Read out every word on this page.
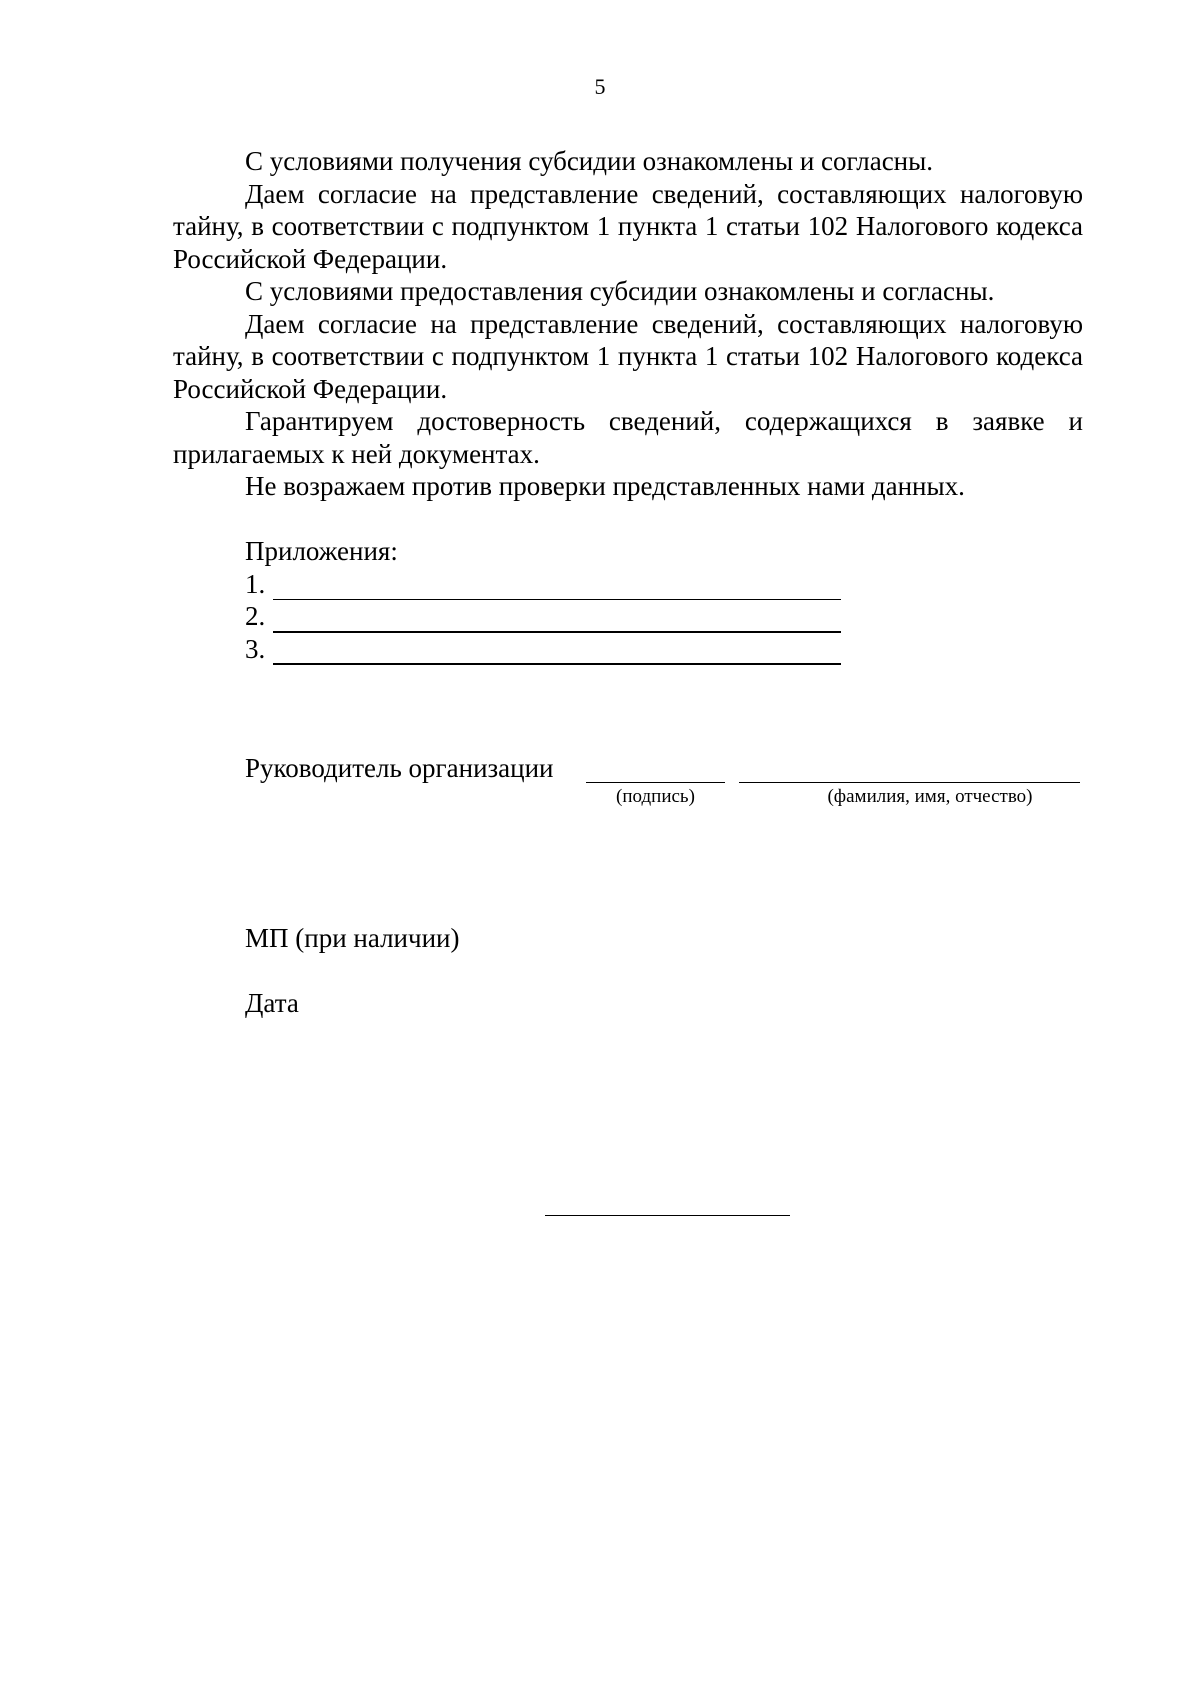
5

С условиями получения субсидии ознакомлены и согласны.

Даем согласие на представление сведений, составляющих налоговую тайну, в соответствии с подпунктом 1 пункта 1 статьи 102 Налогового кодекса Российской Федерации.

С условиями предоставления субсидии ознакомлены и согласны.

Даем согласие на представление сведений, составляющих налоговую тайну, в соответствии с подпунктом 1 пункта 1 статьи 102 Налогового кодекса Российской Федерации.

Гарантируем достоверность сведений, содержащихся в заявке и прилагаемых к ней документах.

Не возражаем против проверки представленных нами данных.

Приложения:
1.
2.
3.
Руководитель организации
(подпись)	(фамилия, имя, отчество)
МП (при наличии)
Дата
